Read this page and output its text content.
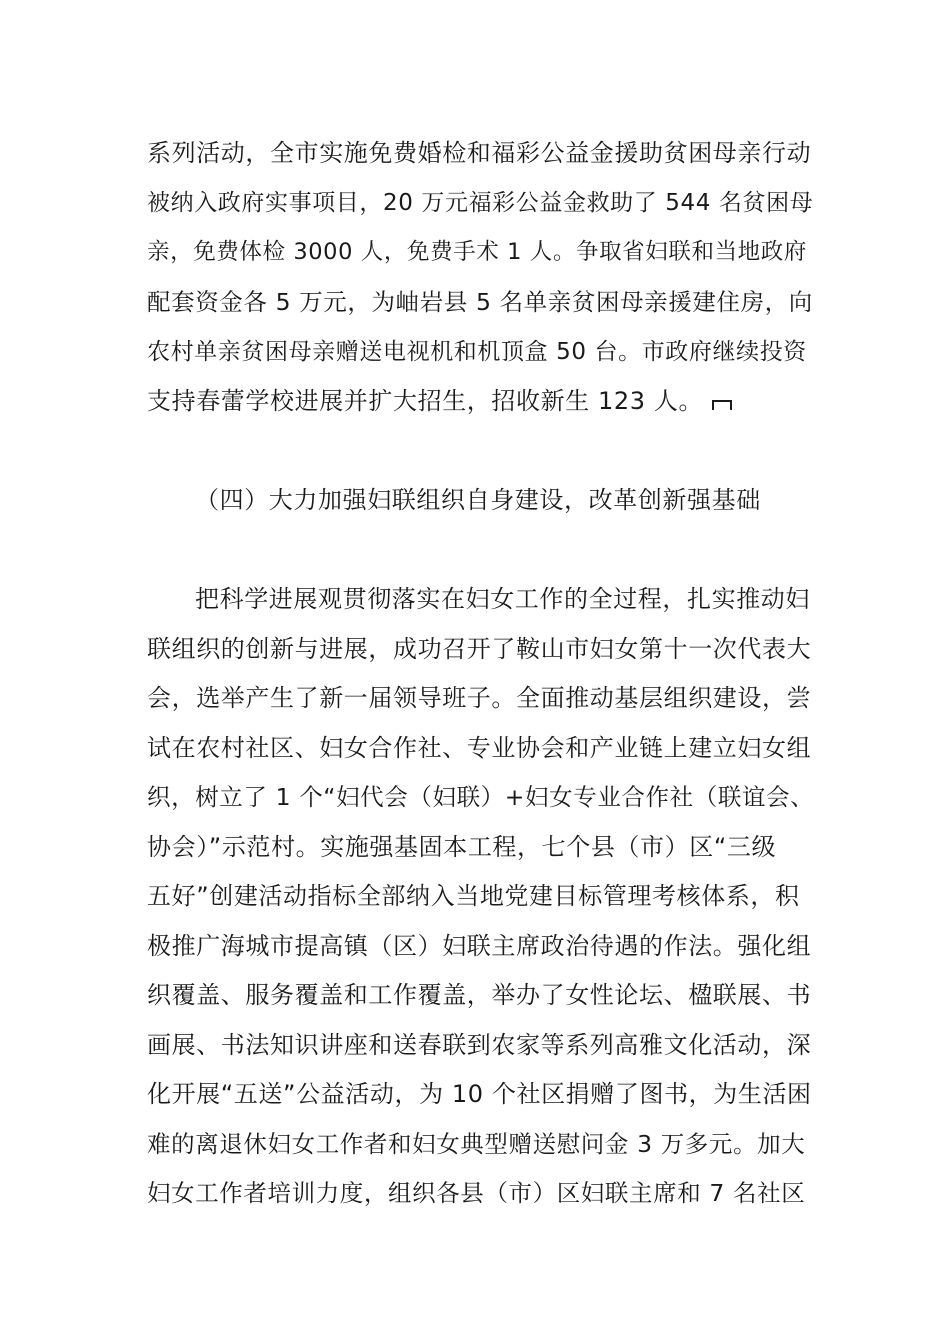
系列活动，全市实施免费婚检和福彩公益金援助贫困母亲行动
被纳入政府实事项目，20 万元福彩公益金救助了 544 名贫困母
亲，免费体检 3000 人，免费手术 1 人。争取省妇联和当地政府
配套资金各 5 万元，为岫岩县 5 名单亲贫困母亲援建住房，向
农村单亲贫困母亲赠送电视机和机顶盒 50 台。市政府继续投资
支持春蕾学校进展并扩大招生，招收新生 123 人。
（四）大力加强妇联组织自身建设，改革创新强基础
把科学进展观贯彻落实在妇女工作的全过程，扎实推动妇
联组织的创新与进展，成功召开了鞍山市妇女第十一次代表大
会，选举产生了新一届领导班子。全面推动基层组织建设，尝
试在农村社区、妇女合作社、专业协会和产业链上建立妇女组
织，树立了 1 个“妇代会（妇联）+妇女专业合作社（联谊会、
协会）”示范村。实施强基固本工程，七个县（市）区“三级
五好”创建活动指标全部纳入当地党建目标管理考核体系，积
极推广海城市提高镇（区）妇联主席政治待遇的作法。强化组
织覆盖、服务覆盖和工作覆盖，举办了女性论坛、楹联展、书
画展、书法知识讲座和送春联到农家等系列高雅文化活动，深
化开展“五送”公益活动，为 10 个社区捐赠了图书，为生活困
难的离退休妇女工作者和妇女典型赠送慰问金 3 万多元。加大
妇女工作者培训力度，组织各县（市）区妇联主席和 7 名社区
